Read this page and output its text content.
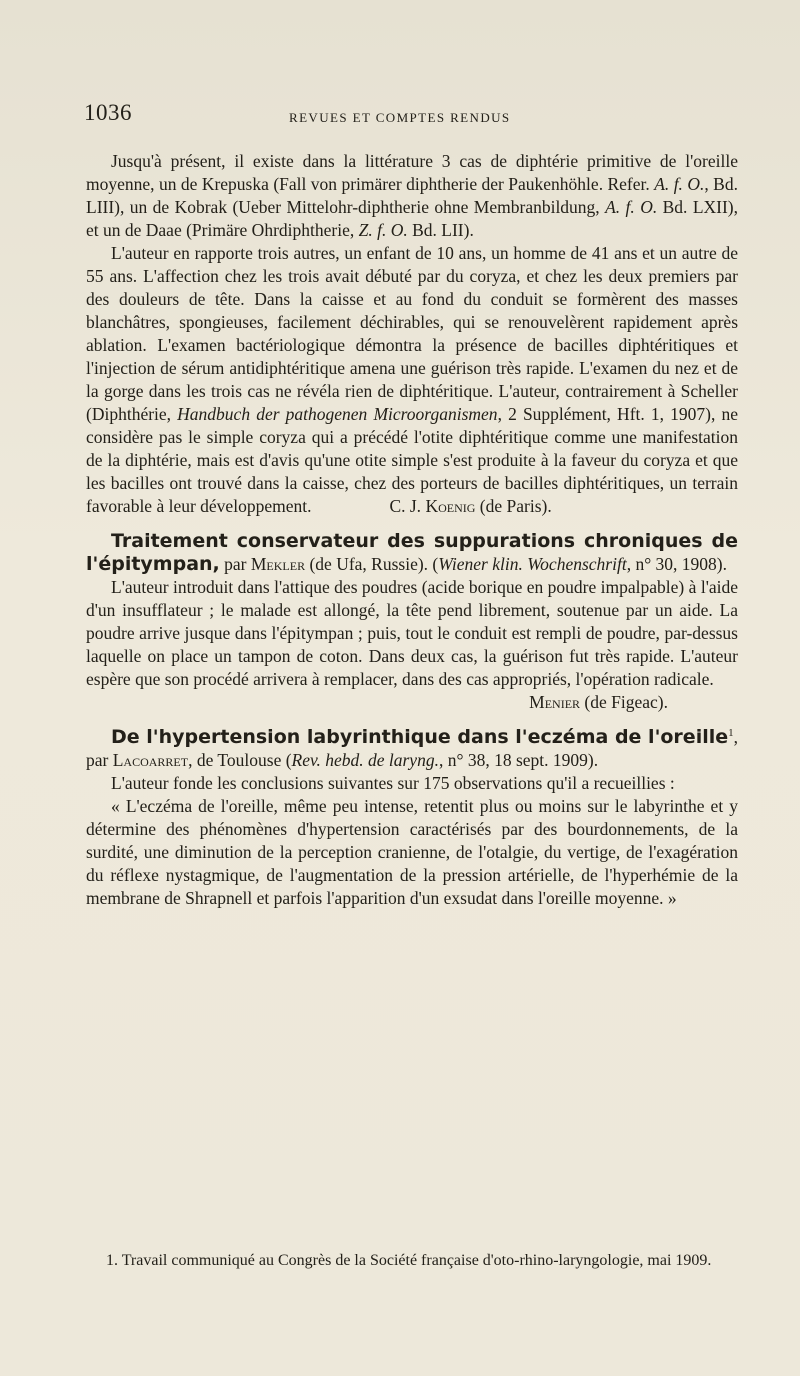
1036	REVUES ET COMPTES RENDUS

Jusqu'à présent, il existe dans la littérature 3 cas de diphtérie primitive de l'oreille moyenne, un de Krepuska (Fall von primärer diphtherie der Paukenhöhle. Refer. A. f. O., Bd. LIII), un de Kobrak (Ueber Mittelohr-diphtherie ohne Membranbildung, A. f. O. Bd. LXII), et un de Daae (Primäre Ohrdiphtherie, Z. f. O. Bd. LII).

L'auteur en rapporte trois autres, un enfant de 10 ans, un homme de 41 ans et un autre de 55 ans. L'affection chez les trois avait débuté par du coryza, et chez les deux premiers par des douleurs de tête. Dans la caisse et au fond du conduit se formèrent des masses blanchâtres, spongieuses, facilement déchirables, qui se renouvelèrent rapidement après ablation. L'examen bactériologique démontra la présence de bacilles diphtéritiques et l'injection de sérum antidiphtéritique amena une guérison très rapide. L'examen du nez et de la gorge dans les trois cas ne révéla rien de diphtéritique. L'auteur, contrairement à Scheller (Diphthérie, Handbuch der pathogenen Microorganismen, 2 Supplément, Hft. 1, 1907), ne considère pas le simple coryza qui a précédé l'otite diphtéritique comme une manifestation de la diphtérie, mais est d'avis qu'une otite simple s'est produite à la faveur du coryza et que les bacilles ont trouvé dans la caisse, chez des porteurs de bacilles diphtéritiques, un terrain favorable à leur développement.	C. J. Koenig (de Paris).

Traitement conservateur des suppurations chroniques de l'épitympan, par Mekler (de Ufa, Russie). (Wiener klin. Wochenschrift, n° 30, 1908).

L'auteur introduit dans l'attique des poudres (acide borique en poudre impalpable) à l'aide d'un insufflateur ; le malade est allongé, la tête pend librement, soutenue par un aide. La poudre arrive jusque dans l'épitympan ; puis, tout le conduit est rempli de poudre, par-dessus laquelle on place un tampon de coton. Dans deux cas, la guérison fut très rapide. L'auteur espère que son procédé arrivera à remplacer, dans des cas appropriés, l'opération radicale.

Menier (de Figeac).

De l'hypertension labyrinthique dans l'eczéma de l'oreille$^1$, par Lacoarret, de Toulouse (Rev. hebd. de laryng., n° 38, 18 sept. 1909).

L'auteur fonde les conclusions suivantes sur 175 observations qu'il a recueillies :

« L'eczéma de l'oreille, même peu intense, retentit plus ou moins sur le labyrinthe et y détermine des phénomènes d'hypertension caractérisés par des bourdonnements, de la surdité, une diminution de la perception cranienne, de l'otalgie, du vertige, de l'exagération du réflexe nystagmique, de l'augmentation de la pression artérielle, de l'hyperhémie de la membrane de Shrapnell et parfois l'apparition d'un exsudat dans l'oreille moyenne. »

1. Travail communiqué au Congrès de la Société française d'oto-rhino-laryngologie, mai 1909.
